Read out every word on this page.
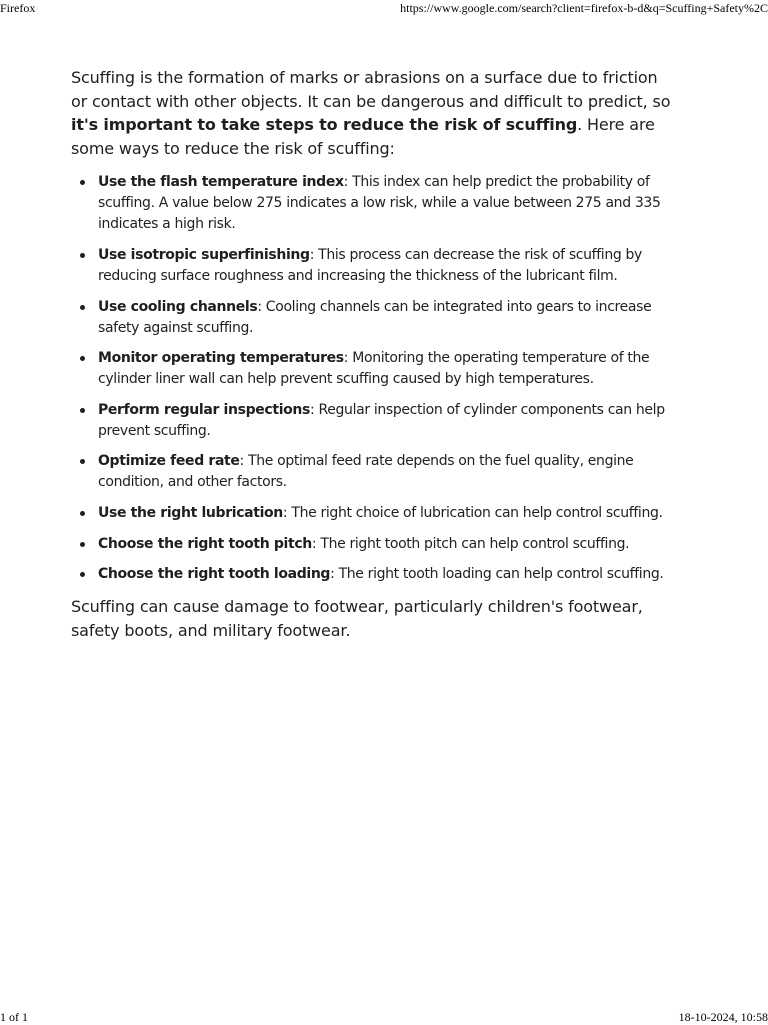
Firefox	https://www.google.com/search?client=firefox-b-d&q=Scuffing+Safety%2C

Scuffing is the formation of marks or abrasions on a surface due to friction or contact with other objects. It can be dangerous and difficult to predict, so it's important to take steps to reduce the risk of scuffing. Here are some ways to reduce the risk of scuffing:

Use the flash temperature index: This index can help predict the probability of scuffing. A value below 275 indicates a low risk, while a value between 275 and 335 indicates a high risk.
Use isotropic superfinishing: This process can decrease the risk of scuffing by reducing surface roughness and increasing the thickness of the lubricant film.
Use cooling channels: Cooling channels can be integrated into gears to increase safety against scuffing.
Monitor operating temperatures: Monitoring the operating temperature of the cylinder liner wall can help prevent scuffing caused by high temperatures.
Perform regular inspections: Regular inspection of cylinder components can help prevent scuffing.
Optimize feed rate: The optimal feed rate depends on the fuel quality, engine condition, and other factors.
Use the right lubrication: The right choice of lubrication can help control scuffing.
Choose the right tooth pitch: The right tooth pitch can help control scuffing.
Choose the right tooth loading: The right tooth loading can help control scuffing.

Scuffing can cause damage to footwear, particularly children's footwear, safety boots, and military footwear.

1 of 1	18-10-2024, 10:58
